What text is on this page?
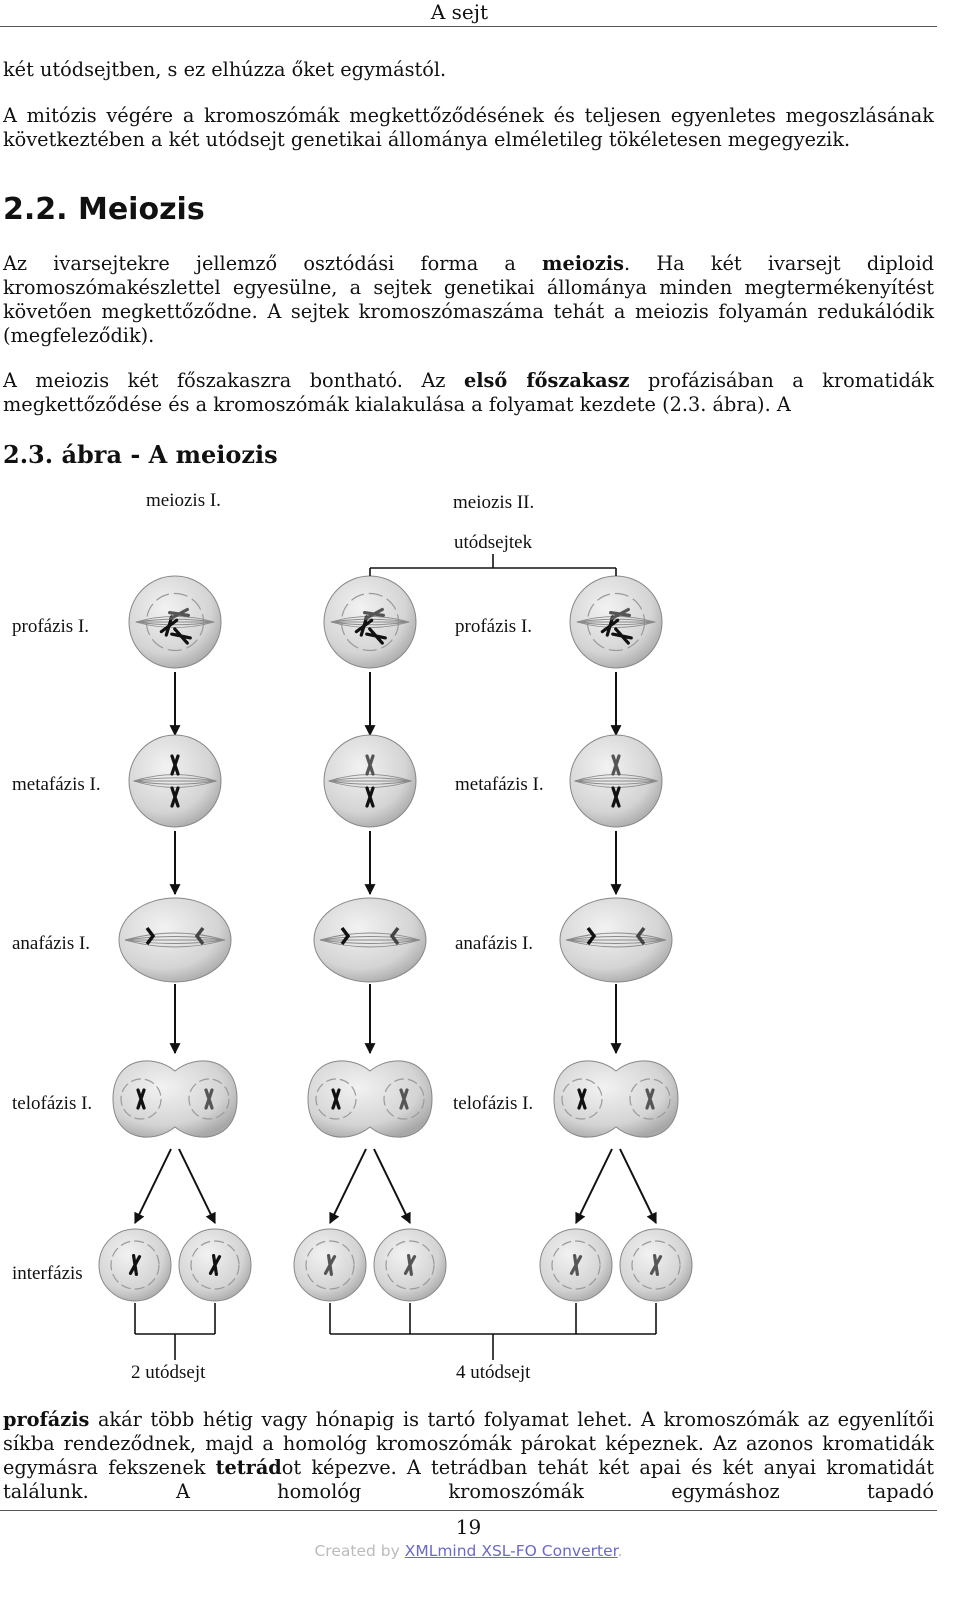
A sejt

két utódsejtben, s ez elhúzza őket egymástól.

A mitózis végére a kromoszómák megkettőződésének és teljesen egyenletes megoszlásának következtében a két utódsejt genetikai állománya elméletileg tökéletesen megegyezik.

2.2. Meiozis

Az ivarsejtekre jellemző osztódási forma a meiozis. Ha két ivarsejt diploid kromoszómakészlettel egyesülne, a sejtek genetikai állománya minden megtermékenyítést követően megkettőződne. A sejtek kromoszómaszáma tehát a meiozis folyamán redukálódik (megfeleződik).

A meiozis két főszakaszra bontható. Az első főszakasz profázisában a kromatidák megkettőződése és a kromoszómák kialakulása a folyamat kezdete (2.3. ábra). A

2.3. ábra - A meiozis
meiozis I.	meiozis II.
utódsejtek
profázis I.
metafázis I.
anafázis I.
telofázis I.
interfázis
profázis I.
metafázis I.
anafázis I.
telofázis I.
2 utódsejt	4 utódsejt

profázis akár több hétig vagy hónapig is tartó folyamat lehet. A kromoszómák az egyenlítői síkba rendeződnek, majd a homológ kromoszómák párokat képeznek. Az azonos kromatidák egymásra fekszenek tetrádot képezve. A tetrádban tehát két apai és két anyai kromatidát találunk. A homológ kromoszómák egymáshoz tapadó

19
Created by XMLmind XSL-FO Converter.
